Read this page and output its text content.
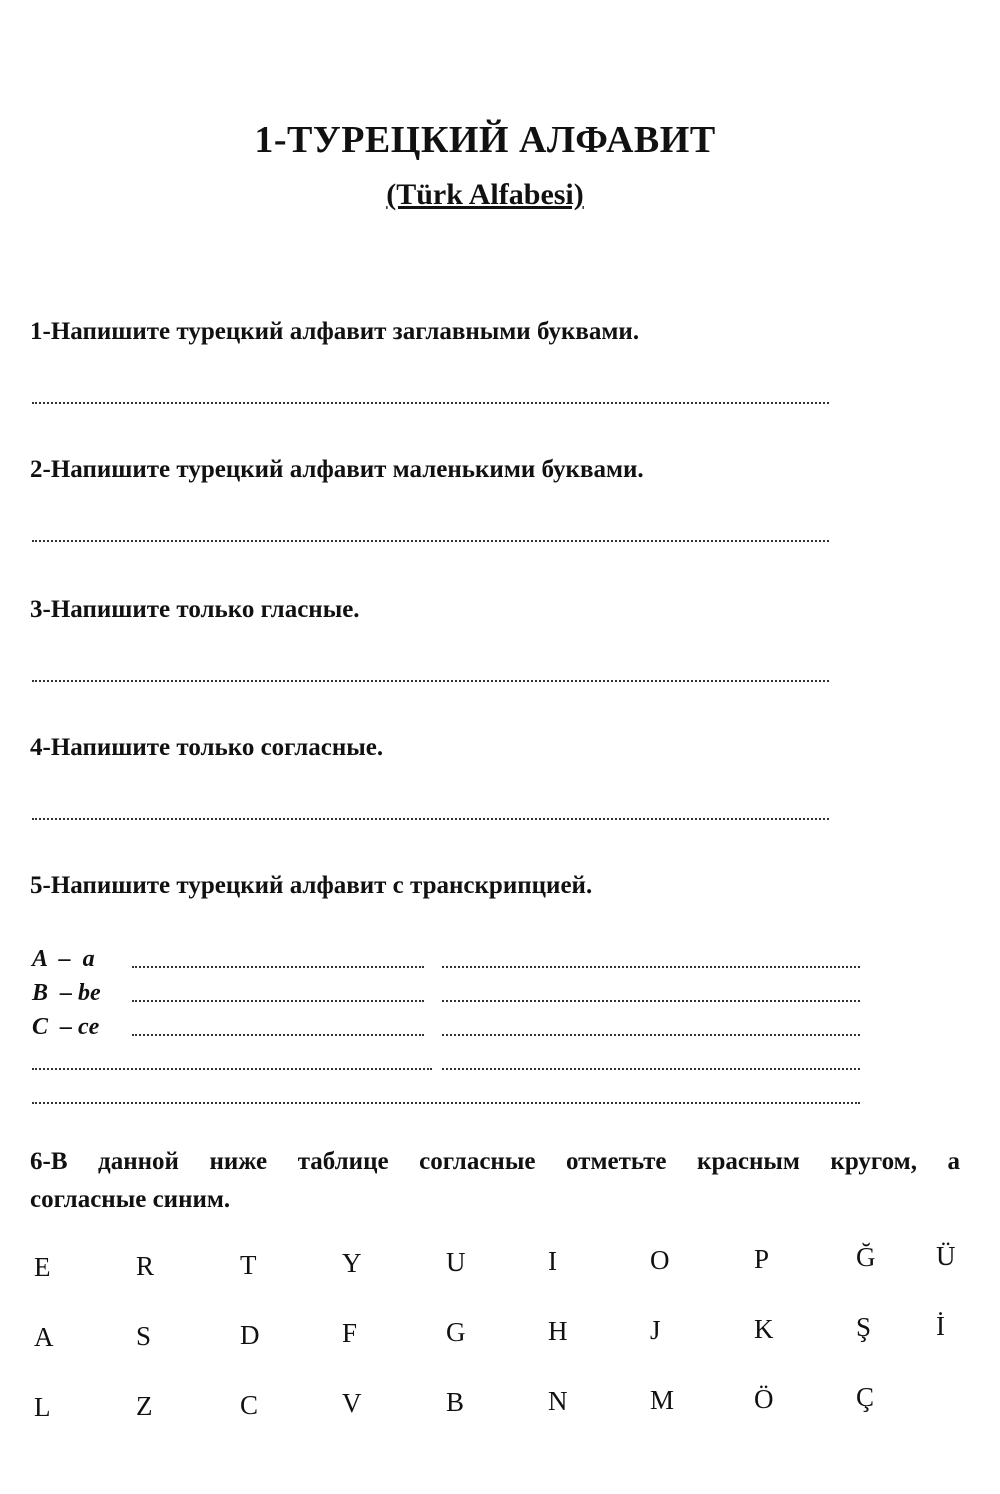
1-ТУРЕЦКИЙ АЛФАВИТ
(Türk Alfabesi)
1-Напишите турецкий алфавит заглавными буквами.
2-Напишите турецкий алфавит маленькими буквами.
3-Напишите только гласные.
4-Напишите только согласные.
5-Напишите турецкий алфавит с транскрипцией.
A  –  a
B  – be
C  – ce
6-В данной ниже таблице согласные отметьте красным кругом, а
согласные синим.
E	R	T	Y	U	I	O	P	Ğ	Ü
A	S	D	F	G	H	J	K	Ş	İ
L	Z	C	V	B	N	M	Ö	Ç
